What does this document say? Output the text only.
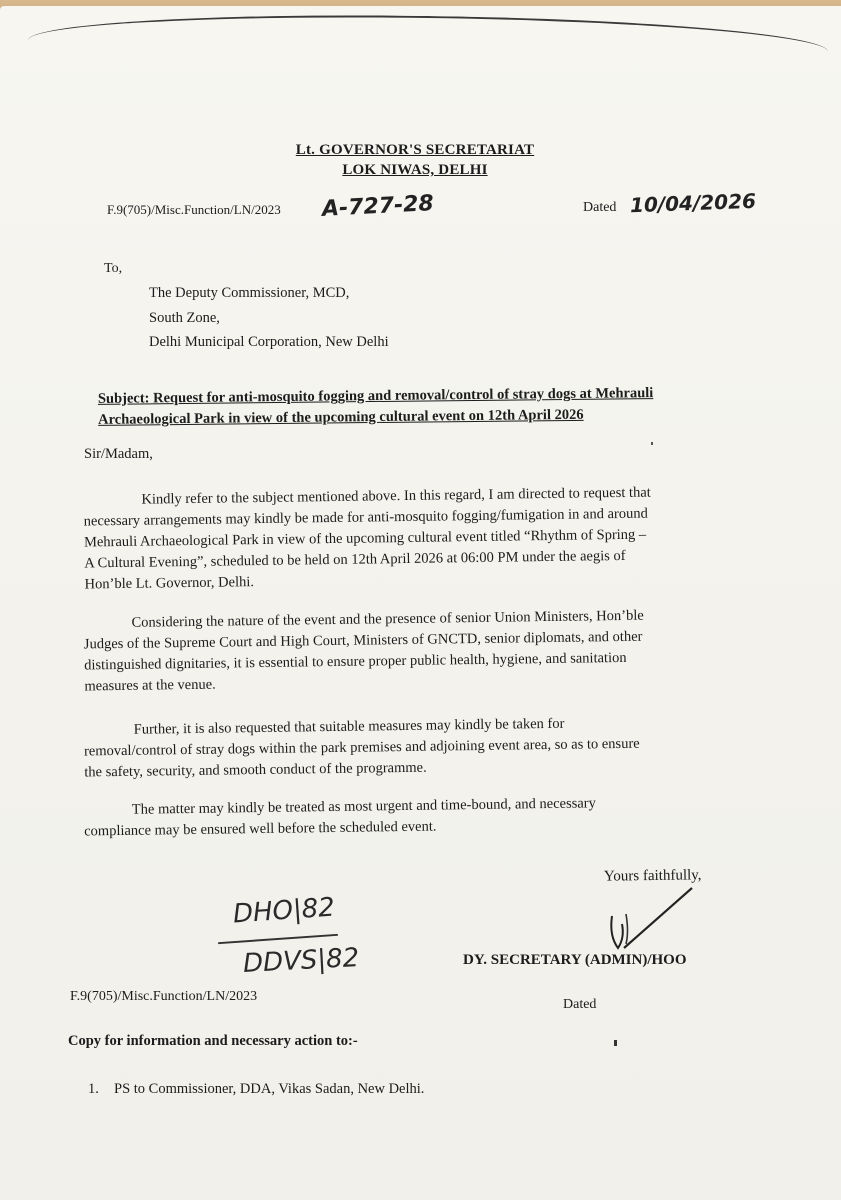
Lt. GOVERNOR'S SECRETARIAT
LOK NIWAS, DELHI
F.9(705)/Misc.Function/LN/2023 A-727-28	Dated 10/04/2026
To,
The Deputy Commissioner, MCD,
South Zone,
Delhi Municipal Corporation, New Delhi
Subject: Request for anti-mosquito fogging and removal/control of stray dogs at Mehrauli
Archaeological Park in view of the upcoming cultural event on 12th April 2026
Sir/Madam,
Kindly refer to the subject mentioned above. In this regard, I am directed to request that
necessary arrangements may kindly be made for anti-mosquito fogging/fumigation in and around
Mehrauli Archaeological Park in view of the upcoming cultural event titled “Rhythm of Spring –
A Cultural Evening”, scheduled to be held on 12th April 2026 at 06:00 PM under the aegis of
Hon’ble Lt. Governor, Delhi.
Considering the nature of the event and the presence of senior Union Ministers, Hon’ble
Judges of the Supreme Court and High Court, Ministers of GNCTD, senior diplomats, and other
distinguished dignitaries, it is essential to ensure proper public health, hygiene, and sanitation
measures at the venue.
Further, it is also requested that suitable measures may kindly be taken for
removal/control of stray dogs within the park premises and adjoining event area, so as to ensure
the safety, security, and smooth conduct of the programme.
The matter may kindly be treated as most urgent and time-bound, and necessary
compliance may be ensured well before the scheduled event.
Yours faithfully,
DY. SECRETARY (ADMIN)/HOO
DHO|82
DDVS|82
F.9(705)/Misc.Function/LN/2023
Dated
Copy for information and necessary action to:-
1. PS to Commissioner, DDA, Vikas Sadan, New Delhi.
